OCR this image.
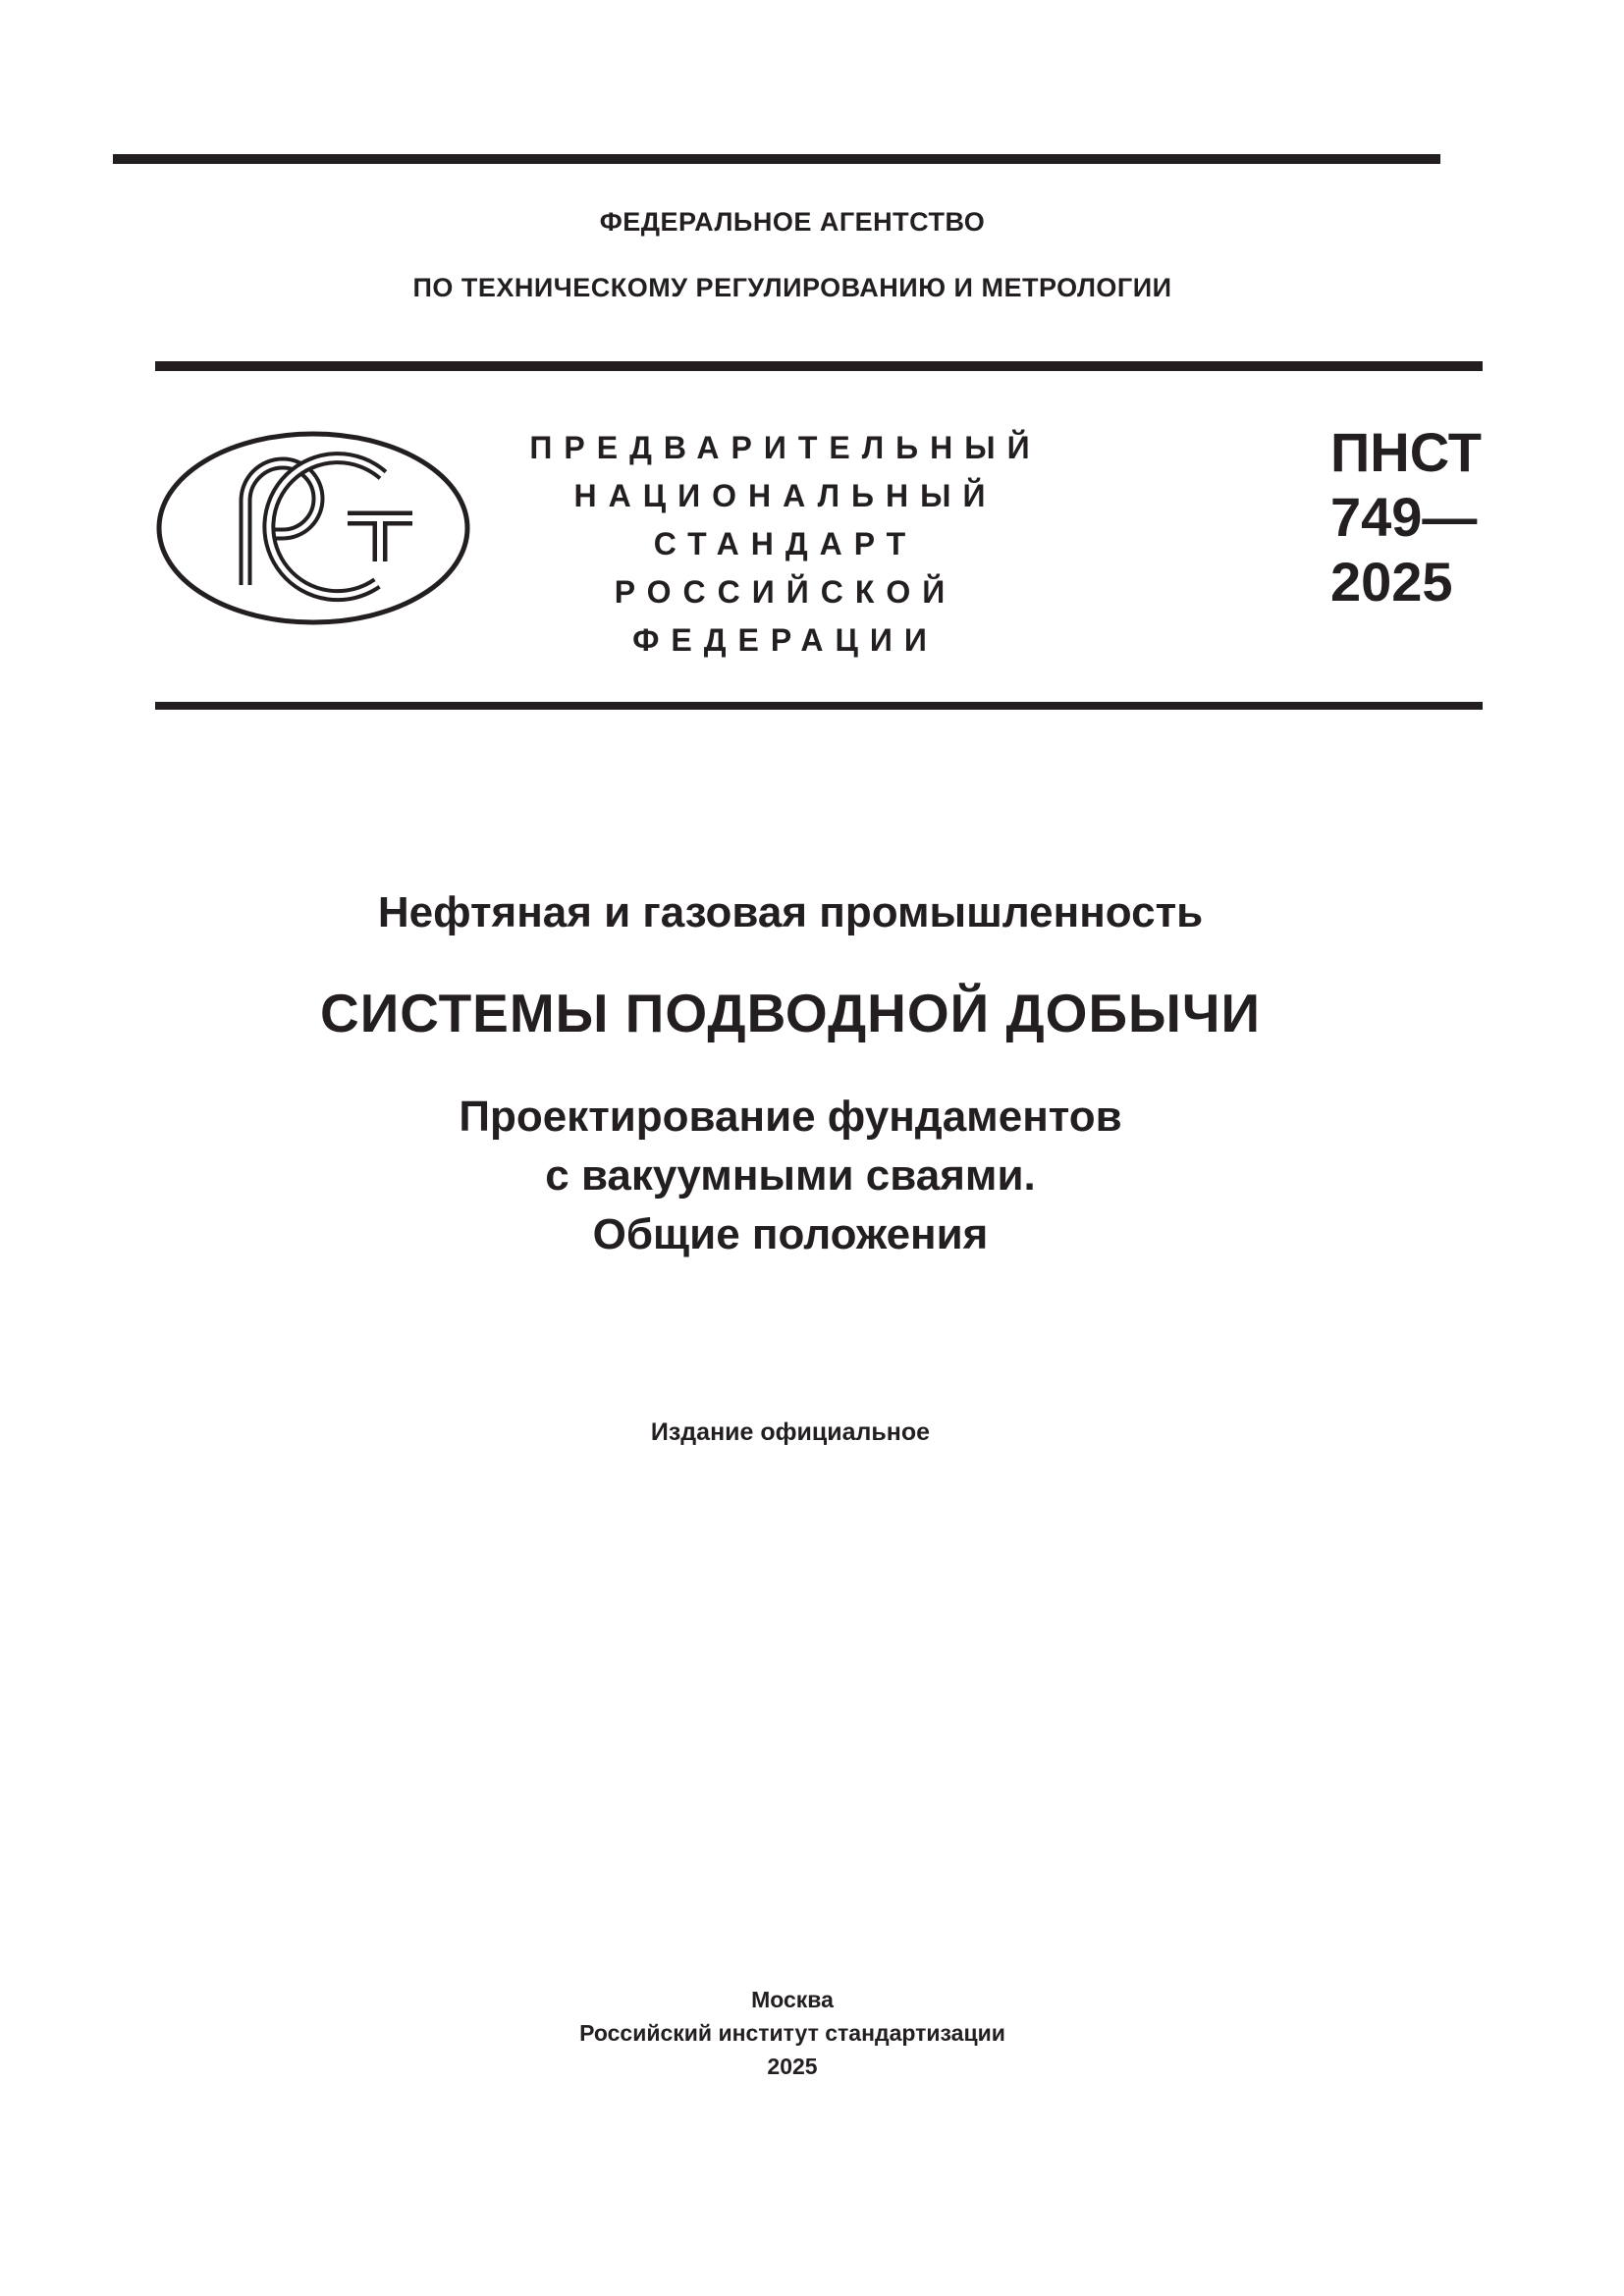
ФЕДЕРАЛЬНОЕ АГЕНТСТВО

ПО ТЕХНИЧЕСКОМУ РЕГУЛИРОВАНИЮ И МЕТРОЛОГИИ

ПРЕДВАРИТЕЛЬНЫЙ
НАЦИОНАЛЬНЫЙ
СТАНДАРТ
РОССИЙСКОЙ
ФЕДЕРАЦИИ
ПНСТ
749—
2025
Нефтяная и газовая промышленность
СИСТЕМЫ ПОДВОДНОЙ ДОБЫЧИ
Проектирование фундаментов
с вакуумными сваями.
Общие положения
Издание официальное
Москва
Российский институт стандартизации
2025
